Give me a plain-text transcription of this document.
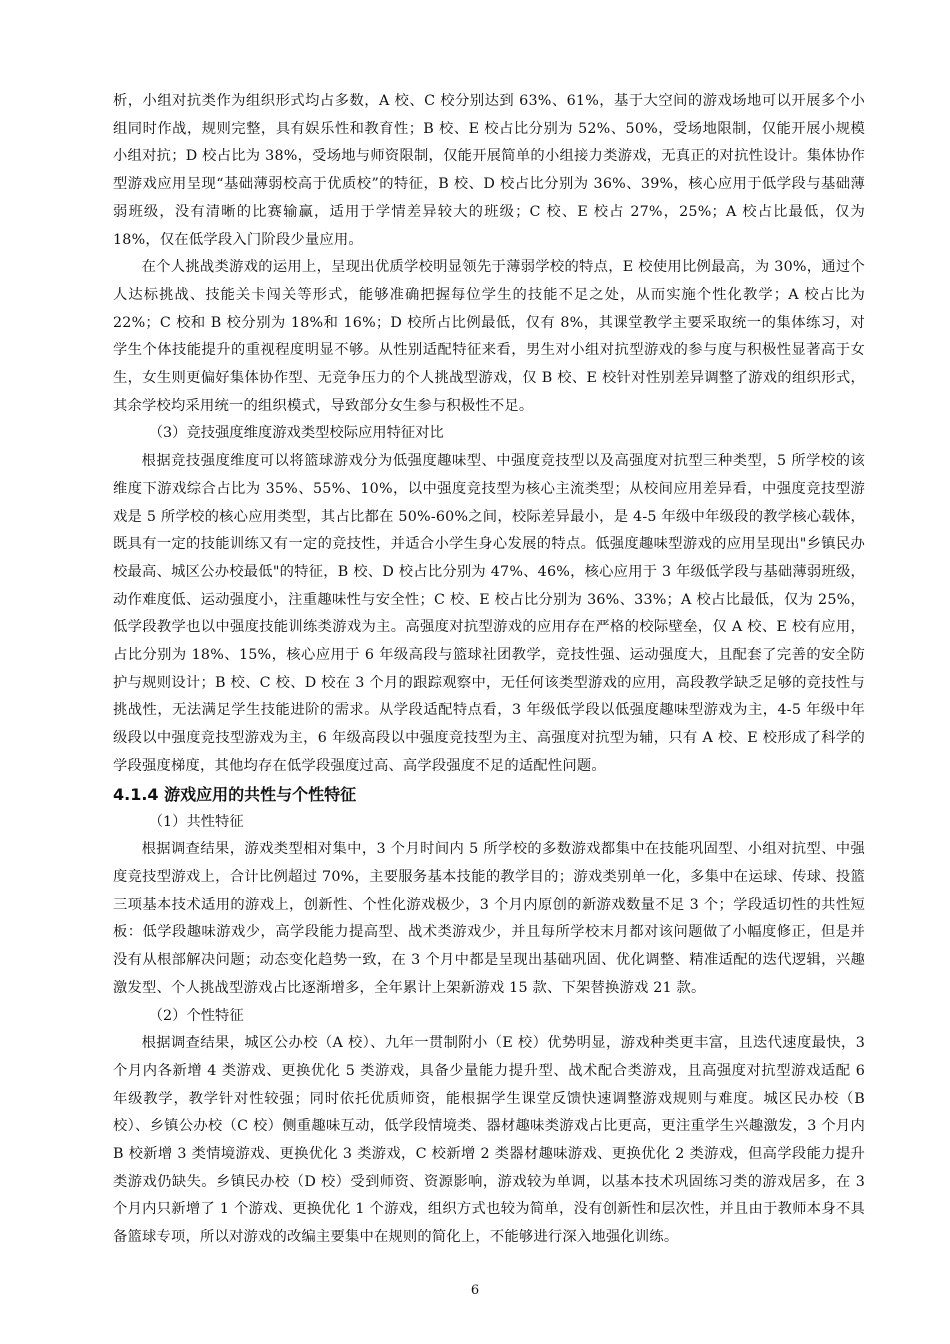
析，小组对抗类作为组织形式均占多数，A 校、C 校分别达到 63%、61%，基于大空间的游戏场地可以开展多个小组同时作战，规则完整，具有娱乐性和教育性；B 校、E 校占比分别为 52%、50%，受场地限制，仅能开展小规模小组对抗；D 校占比为 38%，受场地与师资限制，仅能开展简单的小组接力类游戏，无真正的对抗性设计。集体协作型游戏应用呈现“基础薄弱校高于优质校”的特征，B 校、D 校占比分别为 36%、39%，核心应用于低学段与基础薄弱班级，没有清晰的比赛输赢，适用于学情差异较大的班级；C 校、E 校占 27%，25%；A 校占比最低，仅为 18%，仅在低学段入门阶段少量应用。

在个人挑战类游戏的运用上，呈现出优质学校明显领先于薄弱学校的特点，E 校使用比例最高，为 30%，通过个人达标挑战、技能关卡闯关等形式，能够准确把握每位学生的技能不足之处，从而实施个性化教学；A 校占比为 22%；C 校和 B 校分别为 18%和 16%；D 校所占比例最低，仅有 8%，其课堂教学主要采取统一的集体练习，对学生个体技能提升的重视程度明显不够。从性别适配特征来看，男生对小组对抗型游戏的参与度与积极性显著高于女生，女生则更偏好集体协作型、无竞争压力的个人挑战型游戏，仅 B 校、E 校针对性别差异调整了游戏的组织形式，其余学校均采用统一的组织模式，导致部分女生参与积极性不足。

（3）竞技强度维度游戏类型校际应用特征对比

根据竞技强度维度可以将篮球游戏分为低强度趣味型、中强度竞技型以及高强度对抗型三种类型，5 所学校的该维度下游戏综合占比为 35%、55%、10%，以中强度竞技型为核心主流类型；从校间应用差异看，中强度竞技型游戏是 5 所学校的核心应用类型，其占比都在 50%-60%之间，校际差异最小，是 4-5 年级中年级段的教学核心载体，既具有一定的技能训练又有一定的竞技性，并适合小学生身心发展的特点。低强度趣味型游戏的应用呈现出"乡镇民办校最高、城区公办校最低"的特征，B 校、D 校占比分别为 47%、46%，核心应用于 3 年级低学段与基础薄弱班级，动作难度低、运动强度小，注重趣味性与安全性；C 校、E 校占比分别为 36%、33%；A 校占比最低，仅为 25%，低学段教学也以中强度技能训练类游戏为主。高强度对抗型游戏的应用存在严格的校际壁垒，仅 A 校、E 校有应用，占比分别为 18%、15%，核心应用于 6 年级高段与篮球社团教学，竞技性强、运动强度大，且配套了完善的安全防护与规则设计；B 校、C 校、D 校在 3 个月的跟踪观察中，无任何该类型游戏的应用，高段教学缺乏足够的竞技性与挑战性，无法满足学生技能进阶的需求。从学段适配特点看，3 年级低学段以低强度趣味型游戏为主，4-5 年级中年级段以中强度竞技型游戏为主，6 年级高段以中强度竞技型为主、高强度对抗型为辅，只有 A 校、E 校形成了科学的学段强度梯度，其他均存在低学段强度过高、高学段强度不足的适配性问题。

4.1.4 游戏应用的共性与个性特征

（1）共性特征

根据调查结果，游戏类型相对集中，3 个月时间内 5 所学校的多数游戏都集中在技能巩固型、小组对抗型、中强度竞技型游戏上，合计比例超过 70%，主要服务基本技能的教学目的；游戏类别单一化，多集中在运球、传球、投篮三项基本技术适用的游戏上，创新性、个性化游戏极少，3 个月内原创的新游戏数量不足 3 个；学段适切性的共性短板：低学段趣味游戏少，高学段能力提高型、战术类游戏少，并且每所学校末月都对该问题做了小幅度修正，但是并没有从根部解决问题；动态变化趋势一致，在 3 个月中都是呈现出基础巩固、优化调整、精准适配的迭代逻辑，兴趣激发型、个人挑战型游戏占比逐渐增多，全年累计上架新游戏 15 款、下架替换游戏 21 款。

（2）个性特征

根据调查结果，城区公办校（A 校）、九年一贯制附小（E 校）优势明显，游戏种类更丰富，且迭代速度最快，3 个月内各新增 4 类游戏、更换优化 5 类游戏，具备少量能力提升型、战术配合类游戏，且高强度对抗型游戏适配 6 年级教学，教学针对性较强；同时依托优质师资，能根据学生课堂反馈快速调整游戏规则与难度。城区民办校（B 校）、乡镇公办校（C 校）侧重趣味互动，低学段情境类、器材趣味类游戏占比更高，更注重学生兴趣激发，3 个月内 B 校新增 3 类情境游戏、更换优化 3 类游戏，C 校新增 2 类器材趣味游戏、更换优化 2 类游戏，但高学段能力提升类游戏仍缺失。乡镇民办校（D 校）受到师资、资源影响，游戏较为单调，以基本技术巩固练习类的游戏居多，在 3 个月内只新增了 1 个游戏、更换优化 1 个游戏，组织方式也较为简单，没有创新性和层次性，并且由于教师本身不具备篮球专项，所以对游戏的改编主要集中在规则的简化上，不能够进行深入地强化训练。

6
